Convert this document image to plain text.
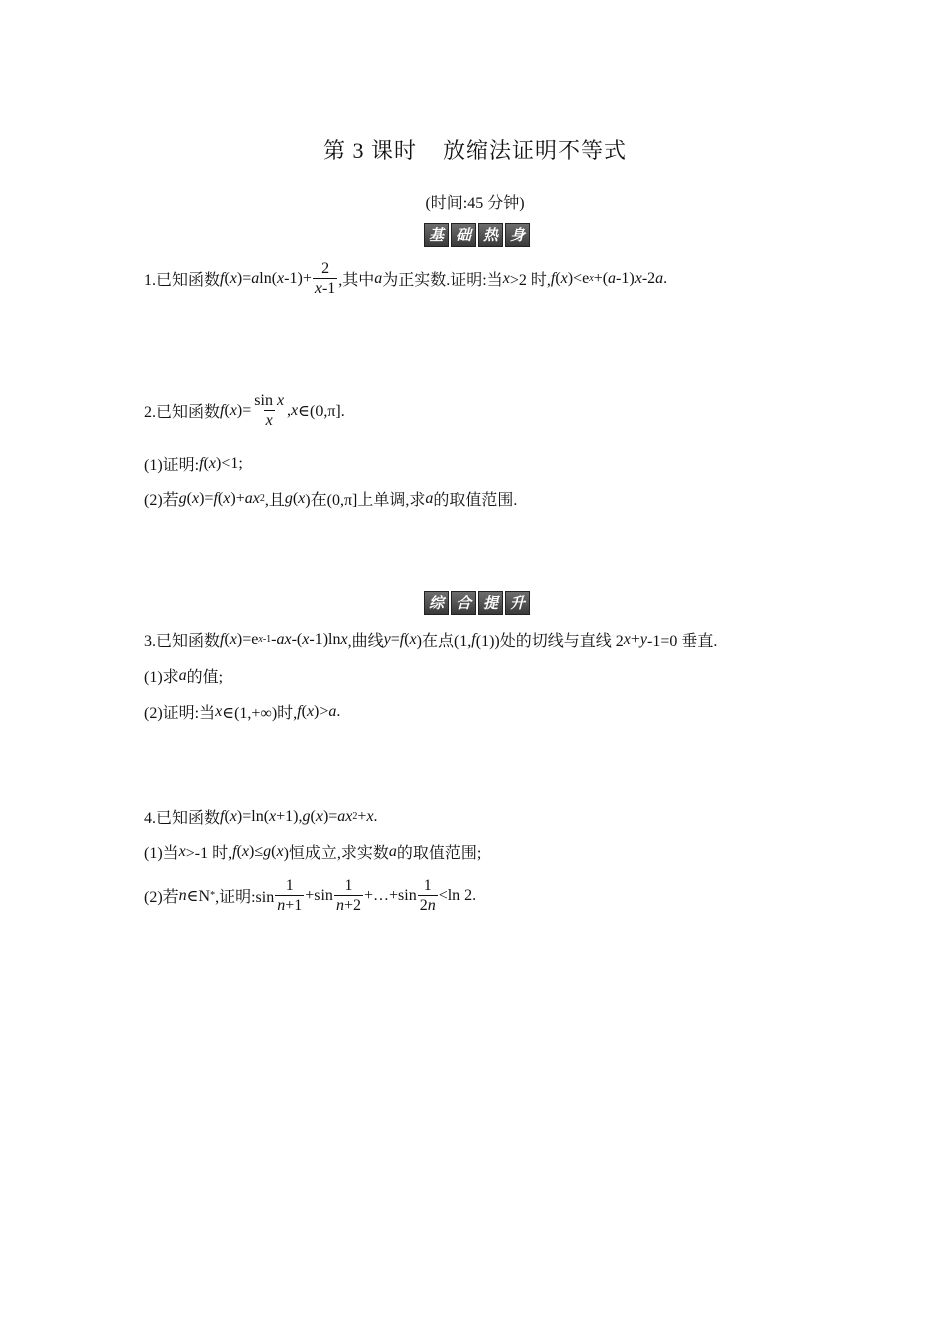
第 3 课时    放缩法证明不等式
(时间:45 分钟)
基 础 热 身
1.已知函数 f ( x )= a ln( x $-1)+ \frac{2}{x-1}$ ,其中 a 为正实数.证明:当 x >2 时, f ( x )<e x +( a -1) x -2 a .
2.已知函数 f ( x )= $\frac{\text{sin x}}{x}$ , x ∈(0,π].
(1)证明: f ( x )<1;
(2)若 g ( x )= f ( x )+ ax 2 ,且 g ( x )在(0,π]上单调,求 a 的取值范围.
综 合 提 升
3.已知函数 f ( x )=e x-1 - ax -( x -1)ln x ,曲线 y = f ( x )在点(1, f (1))处的切线与直线 2 x + y -1=0 垂直.
(1)求 a 的值;
(2)证明:当 x ∈(1,+∞)时, f ( x )> a .
4.已知函数 f ( x )=ln( x +1), g ( x )= ax 2 + x .
(1)当 x >-1 时, f ( x )≤ g ( x )恒成立,求实数 a 的取值范围;
(2)若 n ∈N * ,证明:sin $\frac{1}{n+1} +\sin \frac{1}{n+2}$ +…+sin $\frac{1}{2n} <\ln$ 2.
